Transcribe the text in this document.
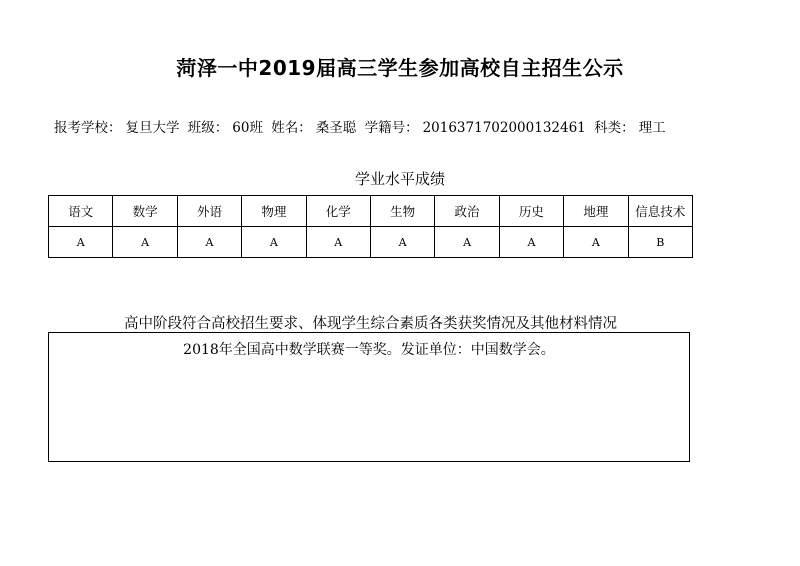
菏泽一中2019届高三学生参加高校自主招生公示
报考学校： 复旦大学 班级： 60班 姓名： 桑圣聪 学籍号： 2016371702000132461 科类： 理工
学业水平成绩
语文	数学	外语	物理	化学	生物	政治	历史	地理	信息技术
A	A	A	A	A	A	A	A	A	B
高中阶段符合高校招生要求、体现学生综合素质各类获奖情况及其他材料情况
2018年全国高中数学联赛一等奖。发证单位：中国数学会。
